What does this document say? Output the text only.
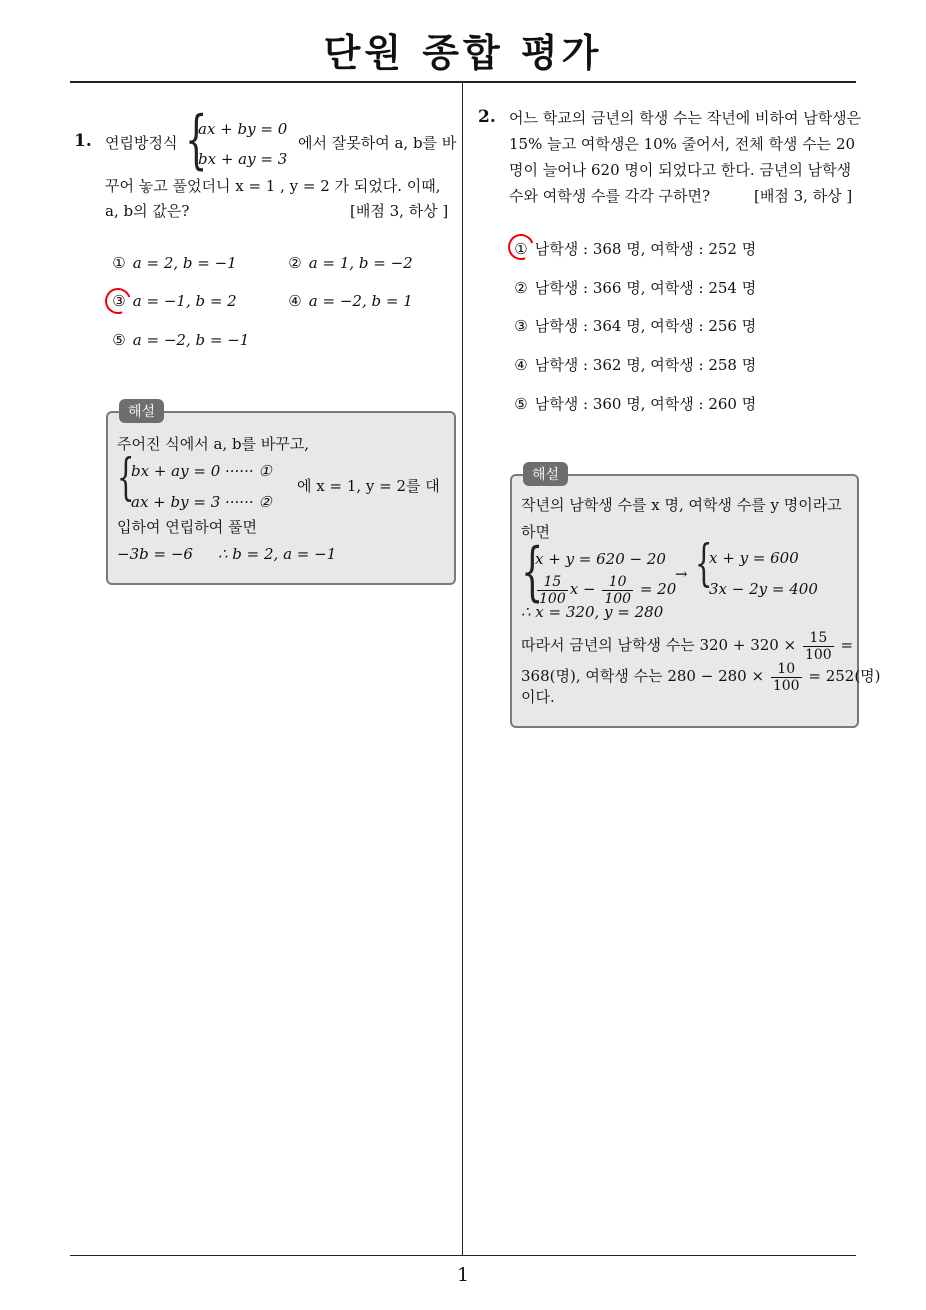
단원 종합 평가
1
1. 연립방정식 {
ax + by = 0
bx + ay = 3
에서 잘못하여 a, b를 바
꾸어 놓고 풀었더니 x = 1 , y = 2 가 되었다. 이때,
a, b의 값은?	[배점 3, 하상 ]
① a = 2, b = −1	② a = 1, b = −2
③ a = −1, b = 2	④ a = −2, b = 1
⑤ a = −2, b = −1
해설
주어진 식에서 a, b를 바꾸고,
{
bx + ay = 0 ······ ①
ax + by = 3 ······ ②
에 x = 1, y = 2를 대
입하여 연립하여 풀면
−3b = −6 ∴ b = 2, a = −1
2. 어느 학교의 금년의 학생 수는 작년에 비하여 남학생은
15% 늘고 여학생은 10% 줄어서, 전체 학생 수는 20
명이 늘어나 620 명이 되었다고 한다. 금년의 남학생
수와 여학생 수를 각각 구하면?	[배점 3, 하상 ]
① 남학생 : 368 명, 여학생 : 252 명
② 남학생 : 366 명, 여학생 : 254 명
③ 남학생 : 364 명, 여학생 : 256 명
④ 남학생 : 362 명, 여학생 : 258 명
⑤ 남학생 : 360 명, 여학생 : 260 명
해설
작년의 남학생 수를 x 명, 여학생 수를 y 명이라고
하면
{
x + y = 620 − 20
$\frac{15}{100}$ $x - \frac{10}{100} = 20$
→ {
x + y = 600
3x − 2y = 400
∴ x = 320, y = 280
따라서 금년의 남학생 수는 $320 + 320 \times \frac{15}{100}$ =
368(명), 여학생 수는 $280 - 280 \times \frac{10}{100} = 252$(명)
이다.
